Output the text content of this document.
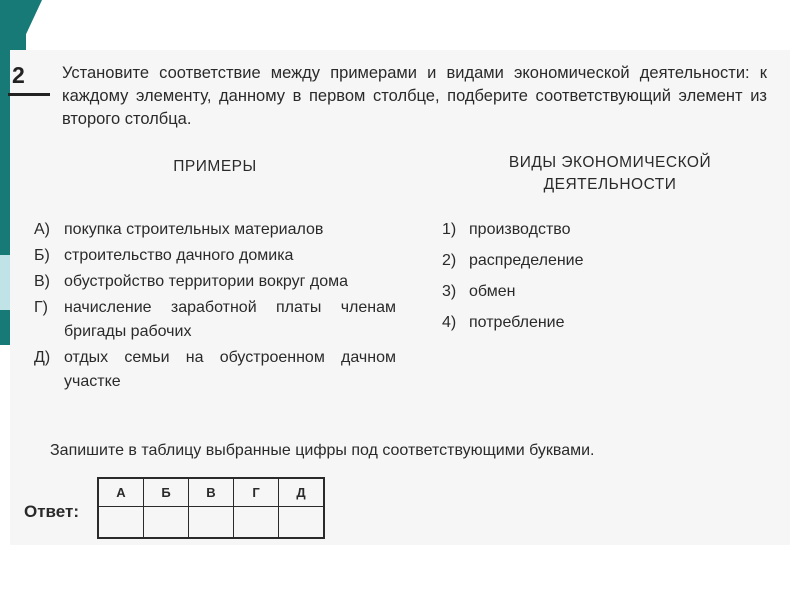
2 Установите соответствие между примерами и видами экономической деятельности: к каждому элементу, данному в первом столбце, подберите соответствующий элемент из второго столбца.
ПРИМЕРЫ	ВИДЫ ЭКОНОМИЧЕСКОЙ
ДЕЯТЕЛЬНОСТИ
А) покупка строительных материалов
Б) строительство дачного домика
В) обустройство территории вокруг дома
Г)	начисление заработной платы членам бригады рабочих
Д) отдых семьи на обустроенном дачном участке
1) производство
2) распределение
3) обмен
4) потребление
Запишите в таблицу выбранные цифры под соответствующими буквами.
Ответ:
А	Б	В	Г	Д
